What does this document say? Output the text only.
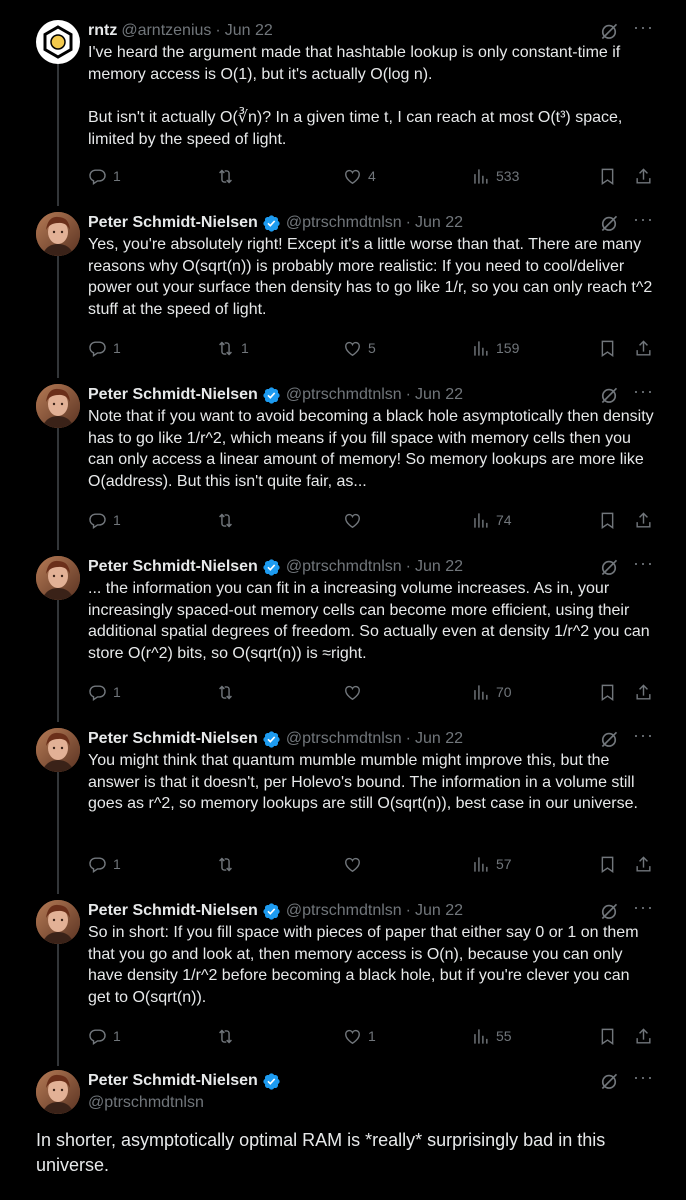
rntz @arntzenius · Jun 22	···
I've heard the argument made that hashtable lookup is only constant-time if memory access is O(1), but it's actually O(log n).

But isn't it actually O(∛n)? In a given time t, I can reach at most O(t³) space, limited by the speed of light.
1	4	533
Peter Schmidt-Nielsen @ptrschmdtnlsn · Jun 22	···
Yes, you're absolutely right! Except it's a little worse than that. There are many reasons why O(sqrt(n)) is probably more realistic: If you need to cool/deliver power out your surface then density has to go like 1/r, so you can only reach t^2 stuff at the speed of light.
1	1	5	159
Peter Schmidt-Nielsen @ptrschmdtnlsn · Jun 22	···
Note that if you want to avoid becoming a black hole asymptotically then density has to go like 1/r^2, which means if you fill space with memory cells then you can only access a linear amount of memory! So memory lookups are more like O(address). But this isn't quite fair, as...
1	74
Peter Schmidt-Nielsen @ptrschmdtnlsn · Jun 22	···
... the information you can fit in a increasing volume increases. As in, your increasingly spaced-out memory cells can become more efficient, using their additional spatial degrees of freedom. So actually even at density 1/r^2 you can store O(r^2) bits, so O(sqrt(n)) is ≈right.
1	70
Peter Schmidt-Nielsen @ptrschmdtnlsn · Jun 22	···
You might think that quantum mumble mumble might improve this, but the answer is that it doesn't, per Holevo's bound. The information in a volume still goes as r^2, so memory lookups are still O(sqrt(n)), best case in our universe.
1	57
Peter Schmidt-Nielsen @ptrschmdtnlsn · Jun 22	···
So in short: If you fill space with pieces of paper that either say 0 or 1 on them that you go and look at, then memory access is O(n), because you can only have density 1/r^2 before becoming a black hole, but if you're clever you can get to O(sqrt(n)).
1	1	55
Peter Schmidt-Nielsen	···
@ptrschmdtnlsn
In shorter, asymptotically optimal RAM is *really* surprisingly bad in this universe.
